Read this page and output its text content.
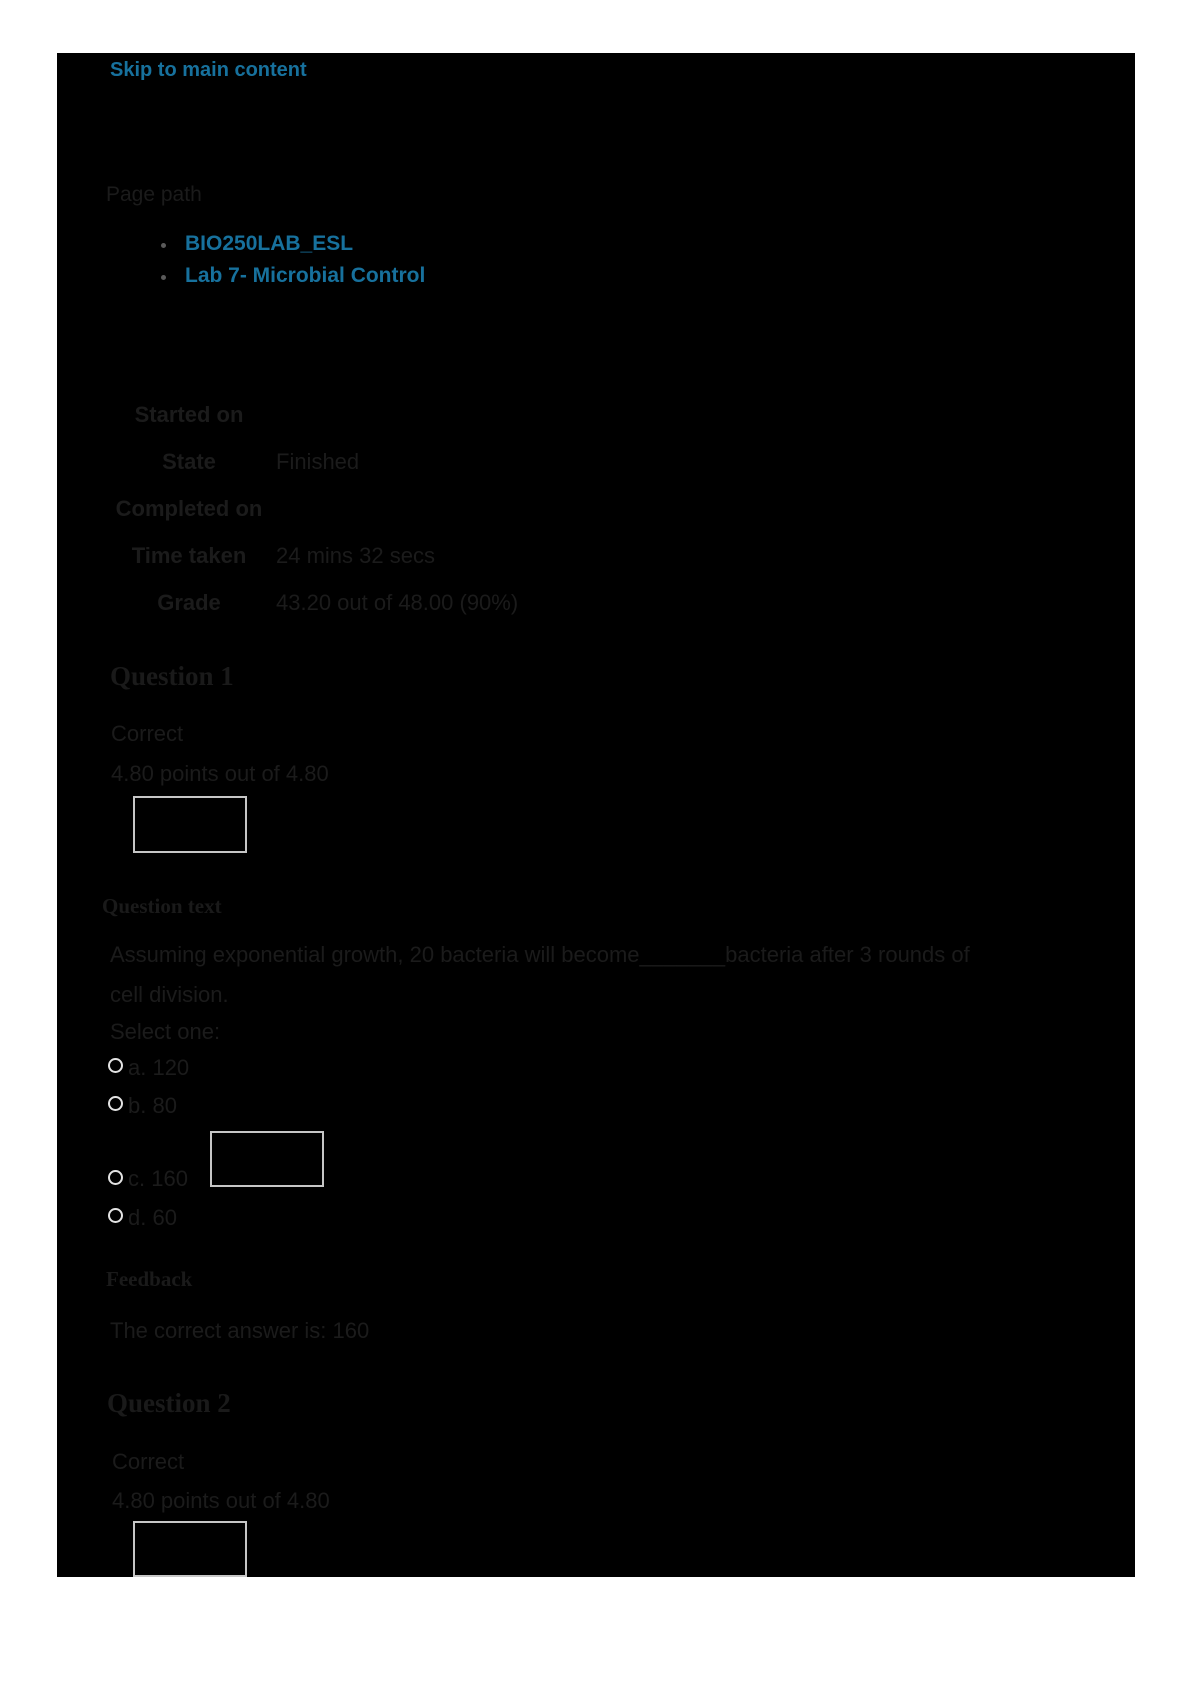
Skip to main content
Page path
BIO250LAB_ESL
Lab 7- Microbial Control
Started on
State	Finished
Completed on
Time taken	24 mins 32 secs
Grade	43.20 out of 48.00 (90%)
Question 1
Correct
4.80 points out of 4.80
Question text
Assuming exponential growth, 20 bacteria will become_______bacteria after 3 rounds of
cell division.
Select one:
a. 120
b. 80
c. 160
d. 60
Feedback
The correct answer is: 160
Question 2
Correct
4.80 points out of 4.80
